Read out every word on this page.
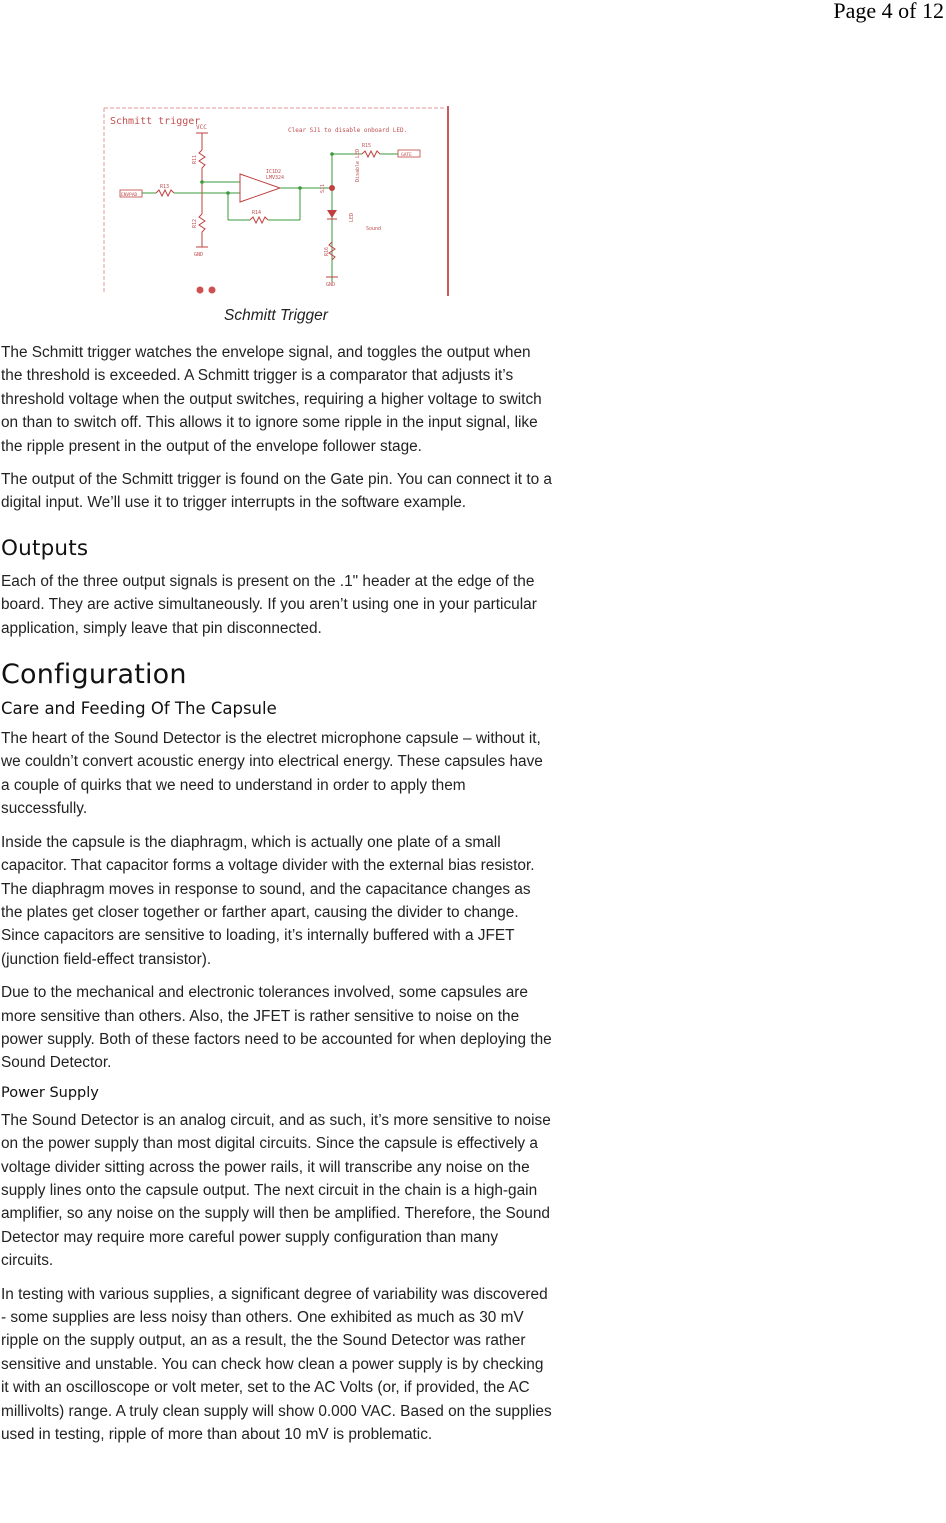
Page 4 of 12
Schmitt trigger
Clear SJ1 to disable onboard LED.
VCC
R11
R12
GND
ENVPAD
R13
IC1D2
LMV324
R14
R15
GATE
SJ1
Disable LED
LED
R16
GND
Sound
Schmitt Trigger

The Schmitt trigger watches the envelope signal, and toggles the output when the threshold is exceeded. A Schmitt trigger is a comparator that adjusts it’s threshold voltage when the output switches, requiring a higher voltage to switch on than to switch off. This allows it to ignore some ripple in the input signal, like the ripple present in the output of the envelope follower stage.

The output of the Schmitt trigger is found on the Gate pin. You can connect it to a digital input. We’ll use it to trigger interrupts in the software example.

Outputs

Each of the three output signals is present on the .1" header at the edge of the board. They are active simultaneously. If you aren’t using one in your particular application, simply leave that pin disconnected.

Configuration
Care and Feeding Of The Capsule

The heart of the Sound Detector is the electret microphone capsule – without it, we couldn’t convert acoustic energy into electrical energy. These capsules have a couple of quirks that we need to understand in order to apply them successfully.

Inside the capsule is the diaphragm, which is actually one plate of a small capacitor. That capacitor forms a voltage divider with the external bias resistor. The diaphragm moves in response to sound, and the capacitance changes as the plates get closer together or farther apart, causing the divider to change. Since capacitors are sensitive to loading, it’s internally buffered with a JFET (junction field-effect transistor).

Due to the mechanical and electronic tolerances involved, some capsules are more sensitive than others. Also, the JFET is rather sensitive to noise on the power supply. Both of these factors need to be accounted for when deploying the Sound Detector.

Power Supply

The Sound Detector is an analog circuit, and as such, it’s more sensitive to noise on the power supply than most digital circuits. Since the capsule is effectively a voltage divider sitting across the power rails, it will transcribe any noise on the supply lines onto the capsule output. The next circuit in the chain is a high-gain amplifier, so any noise on the supply will then be amplified. Therefore, the Sound Detector may require more careful power supply configuration than many circuits.

In testing with various supplies, a significant degree of variability was discovered - some supplies are less noisy than others. One exhibited as much as 30 mV ripple on the supply output, an as a result, the the Sound Detector was rather sensitive and unstable. You can check how clean a power supply is by checking it with an oscilloscope or volt meter, set to the AC Volts (or, if provided, the AC millivolts) range. A truly clean supply will show 0.000 VAC. Based on the supplies used in testing, ripple of more than about 10 mV is problematic.
